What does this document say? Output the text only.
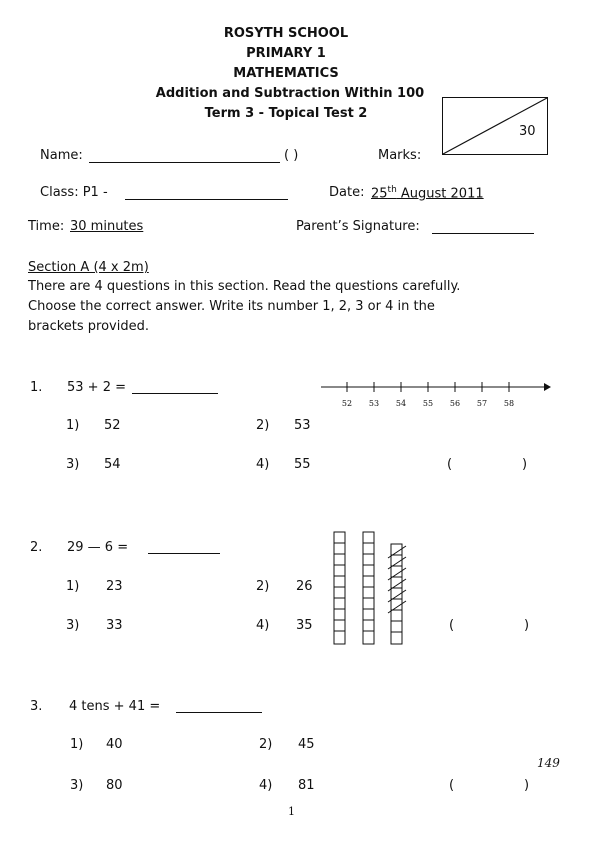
ROSYTH SCHOOL
PRIMARY 1
MATHEMATICS
Addition and Subtraction Within 100
Term 3 - Topical Test 2
30
Name:	( )	Marks:
Class: P1 -	Date: 25th August 2011
Time: 30 minutes	Parent’s Signature:
Section A (4 x 2m)
There are 4 questions in this section. Read the questions carefully.
Choose the correct answer. Write its number 1, 2, 3 or 4 in the
brackets provided.
1. 53 + 2 =
52 53 54 55 56 57 58
1) 52	2) 53
3) 54	4) 55	(	)
2. 29 — 6 =
1) 23	2) 26
3) 33	4) 35	(	)
3. 4 tens + 41 =
1) 40	2) 45
3) 80	4) 81	(	)
149
1
